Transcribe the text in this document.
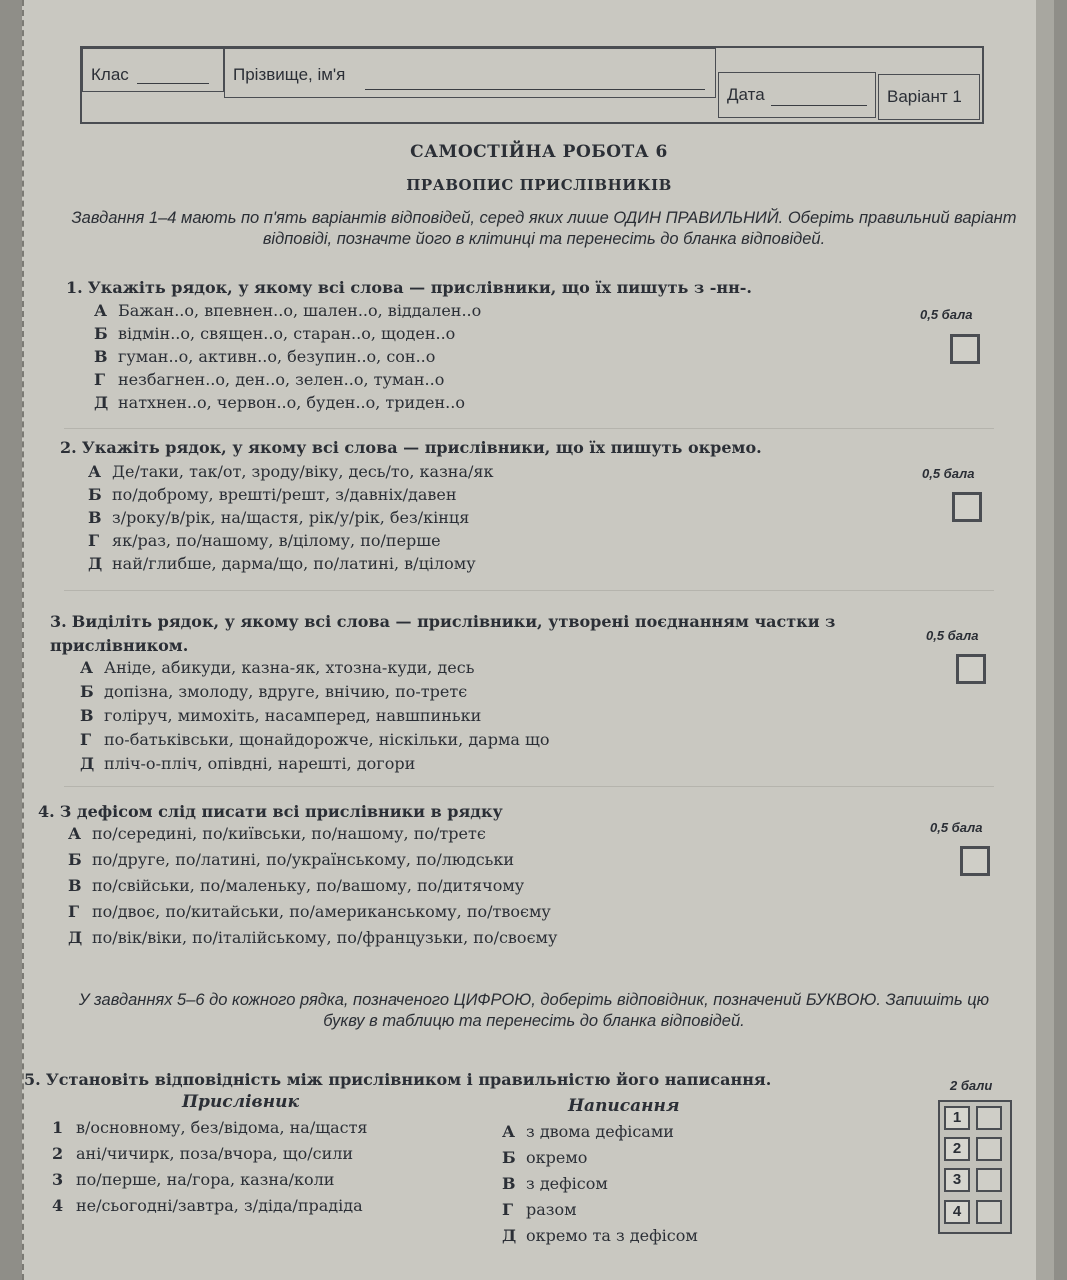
Клас	Прізвище, ім'я
Дата	Варіант 1
САМОСТІЙНА РОБОТА 6
ПРАВОПИС ПРИСЛІВНИКІВ
Завдання 1–4 мають по п'ять варіантів відповідей, серед яких лише ОДИН ПРАВИЛЬНИЙ. Оберіть правильний варіант відповіді, позначте його в клітинці та перенесіть до бланка відповідей.
1. Укажіть рядок, у якому всі слова — прислівники, що їх пишуть з -нн-.
0,5 бала
А Бажан..о, впевнен..о, шален..о, віддален..о
Б відмін..о, священ..о, старан..о, щоден..о
В гуман..о, активн..о, безупин..о, сон..о
Г незбагнен..о, ден..о, зелен..о, туман..о
Д натхнен..о, червон..о, буден..о, триден..о
2. Укажіть рядок, у якому всі слова — прислівники, що їх пишуть окремо.
0,5 бала
А Де/таки, так/от, зроду/віку, десь/то, казна/як
Б по/доброму, врешті/решт, з/давніх/давен
В з/року/в/рік, на/щастя, рік/у/рік, без/кінця
Г як/раз, по/нашому, в/цілому, по/перше
Д най/глибше, дарма/що, по/латині, в/цілому
3. Виділіть рядок, у якому всі слова — прислівники, утворені поєднанням частки з прислівником.
0,5 бала
А Аніде, абикуди, казна-як, хтозна-куди, десь
Б допізна, змолоду, вдруге, внічию, по-третє
В голіруч, мимохіть, насамперед, навшпиньки
Г по-батьківськи, щонайдорожче, ніскільки, дарма що
Д пліч-о-пліч, опівдні, нарешті, догори
4. З дефісом слід писати всі прислівники в рядку
0,5 бала
А по/середині, по/київськи, по/нашому, по/третє
Б по/друге, по/латині, по/українському, по/людськи
В по/свійськи, по/маленьку, по/вашому, по/дитячому
Г по/двоє, по/китайськи, по/американському, по/твоєму
Д по/вік/віки, по/італійському, по/французьки, по/своєму
У завданнях 5–6 до кожного рядка, позначеного ЦИФРОЮ, доберіть відповідник, позначений БУКВОЮ. Запишіть цю букву в таблицю та перенесіть до бланка відповідей.
5. Установіть відповідність між прислівником і правильністю його написання.	2 бали
Прислівник	Написання
1 в/основному, без/відома, на/щастя
2 ані/чичирк, поза/вчора, що/сили
3 по/перше, на/гора, казна/коли
4 не/сьогодні/завтра, з/діда/прадіда
А з двома дефісами
Б окремо
В з дефісом
Г разом
Д окремо та з дефісом
1
2
3
4
